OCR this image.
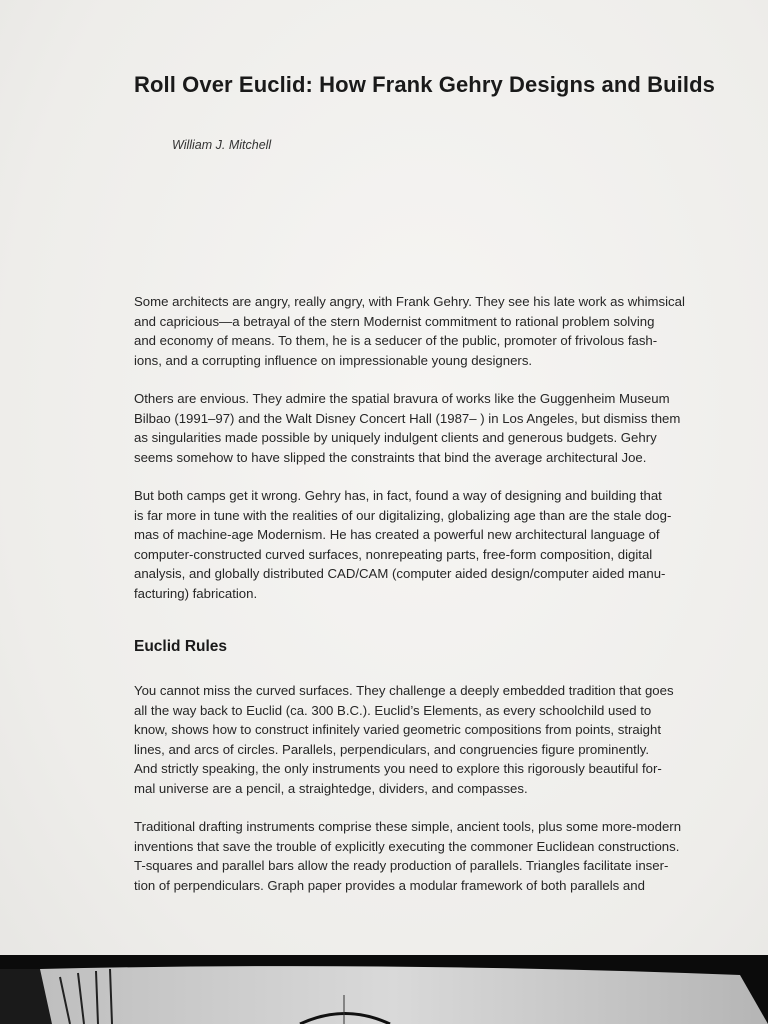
Roll Over Euclid: How Frank Gehry Designs and Builds
William J. Mitchell
Some architects are angry, really angry, with Frank Gehry. They see his late work as whimsical
and capricious—a betrayal of the stern Modernist commitment to rational problem solving
and economy of means. To them, he is a seducer of the public, promoter of frivolous fash-
ions, and a corrupting influence on impressionable young designers.
Others are envious. They admire the spatial bravura of works like the Guggenheim Museum
Bilbao (1991–97) and the Walt Disney Concert Hall (1987– ) in Los Angeles, but dismiss them
as singularities made possible by uniquely indulgent clients and generous budgets. Gehry
seems somehow to have slipped the constraints that bind the average architectural Joe.
But both camps get it wrong. Gehry has, in fact, found a way of designing and building that
is far more in tune with the realities of our digitalizing, globalizing age than are the stale dog-
mas of machine-age Modernism. He has created a powerful new architectural language of
computer-constructed curved surfaces, nonrepeating parts, free-form composition, digital
analysis, and globally distributed CAD/CAM (computer aided design/computer aided manu-
facturing) fabrication.
Euclid Rules
You cannot miss the curved surfaces. They challenge a deeply embedded tradition that goes
all the way back to Euclid (ca. 300 B.C.). Euclid’s Elements, as every schoolchild used to
know, shows how to construct infinitely varied geometric compositions from points, straight
lines, and arcs of circles. Parallels, perpendiculars, and congruencies figure prominently.
And strictly speaking, the only instruments you need to explore this rigorously beautiful for-
mal universe are a pencil, a straightedge, dividers, and compasses.
Traditional drafting instruments comprise these simple, ancient tools, plus some more-modern
inventions that save the trouble of explicitly executing the commoner Euclidean constructions.
T-squares and parallel bars allow the ready production of parallels. Triangles facilitate inser-
tion of perpendiculars. Graph paper provides a modular framework of both parallels and
